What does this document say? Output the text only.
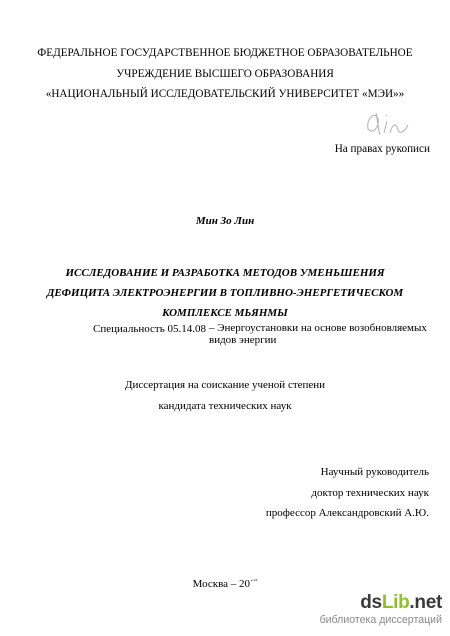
ФЕДЕРАЛЬНОЕ ГОСУДАРСТВЕННОЕ БЮДЖЕТНОЕ ОБРАЗОВАТЕЛЬНОЕ
УЧРЕЖДЕНИЕ ВЫСШЕГО ОБРАЗОВАНИЯ
«НАЦИОНАЛЬНЫЙ ИССЛЕДОВАТЕЛЬСКИЙ УНИВЕРСИТЕТ «МЭИ»»
На правах рукописи
Мин Зо Лин
ИССЛЕДОВАНИЕ И РАЗРАБОТКА МЕТОДОВ УМЕНЬШЕНИЯ
ДЕФИЦИТА ЭЛЕКТРОЭНЕРГИИ В ТОПЛИВНО-ЭНЕРГЕТИЧЕСКОМ
КОМПЛЕКСЕ МЬЯНМЫ
Специальность 05.14.08 – Энергоустановки на основе возобновляемых видов энергии
Диссертация на соискание ученой степени
кандидата технических наук
Научный руководитель
доктор технических наук
профессор Александровский А.Ю.
Москва – 20˙˝
dsLib.net
библиотека диссертаций
